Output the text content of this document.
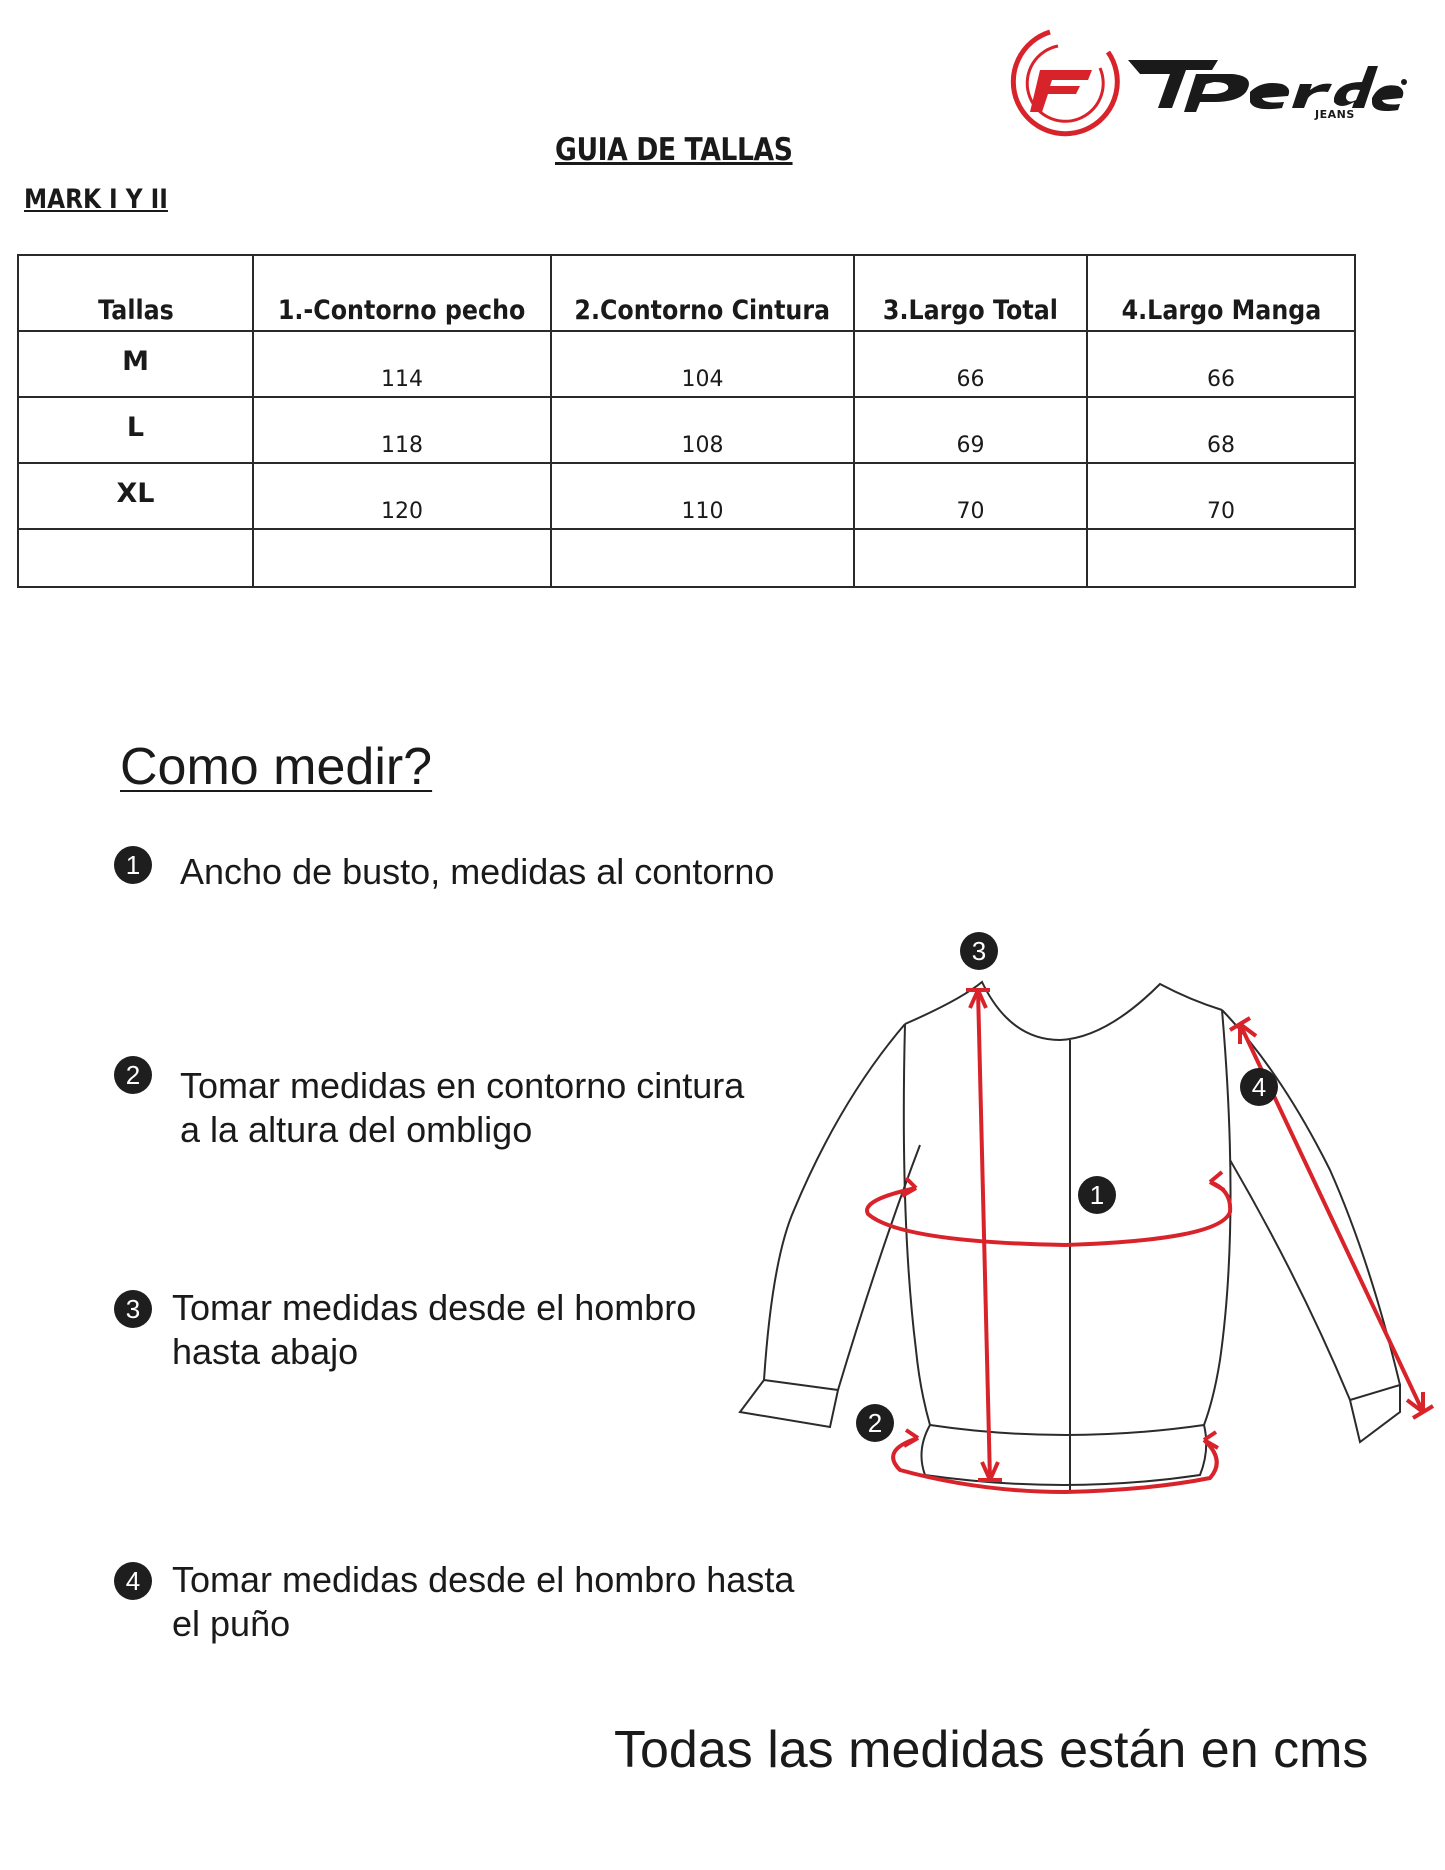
JEANS
GUIA DE TALLAS
MARK I Y II
Tallas	1.-Contorno pecho	2.Contorno Cintura	3.Largo Total	4.Largo Manga
M	114	104	66	66
L	118	108	69	68
XL	120	110	70	70

Como medir?
1	Ancho de busto, medidas al contorno
2	Tomar medidas en contorno cintura
a la altura del ombligo
3 Tomar medidas desde el hombro
hasta abajo
4 Tomar medidas desde el hombro hasta
el puño
1
2
3
4
Todas las medidas están en cms
